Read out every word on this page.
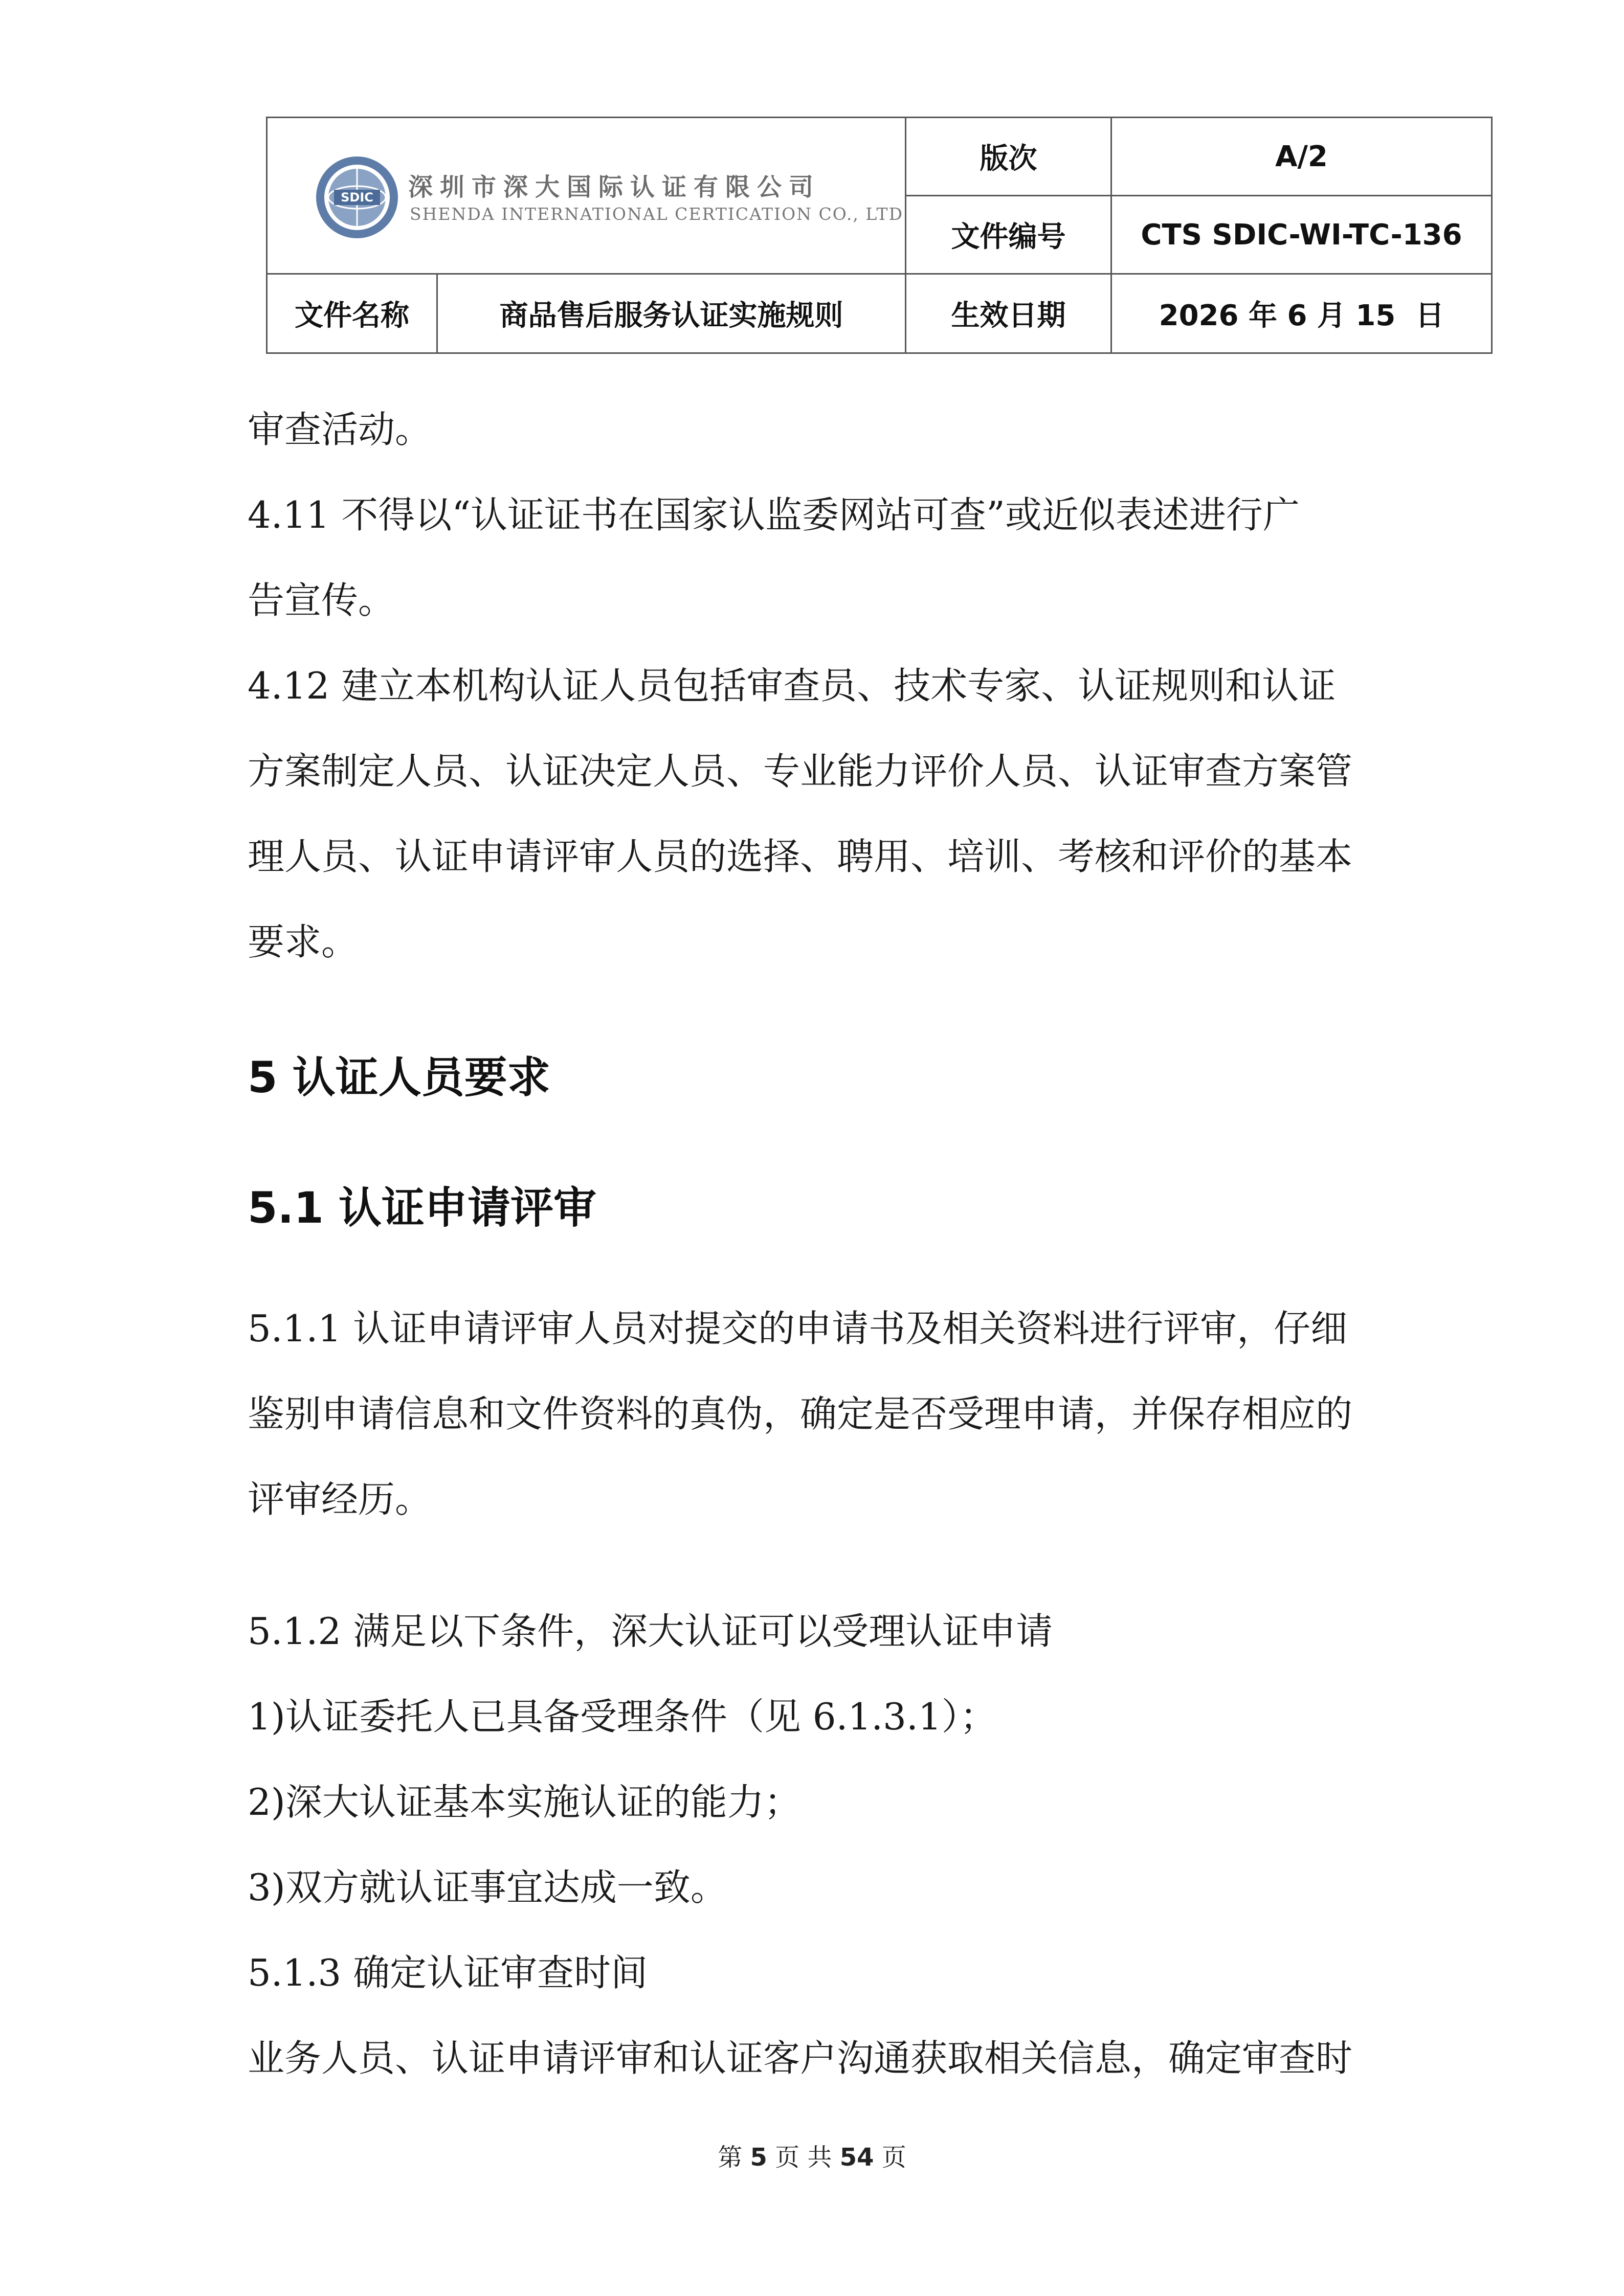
SDIC 深圳市深大国际认证有限公司
SHENDA INTERNATIONAL CERTICATION CO., LTD
版次	A/2
文件编号	CTS SDIC-WI-TC-136
文件名称	商品售后服务认证实施规则	生效日期	2026 年 6 月 15  日
审查活动。
4.11 不得以“认证证书在国家认监委网站可查”或近似表述进行广
告宣传。
4.12 建立本机构认证人员包括审查员、技术专家、认证规则和认证
方案制定人员、认证决定人员、专业能力评价人员、认证审查方案管
理人员、认证申请评审人员的选择、聘用、培训、考核和评价的基本
要求。
5 认证人员要求
5.1 认证申请评审
5.1.1 认证申请评审人员对提交的申请书及相关资料进行评审，仔细
鉴别申请信息和文件资料的真伪，确定是否受理申请，并保存相应的
评审经历。
5.1.2 满足以下条件，深大认证可以受理认证申请
1)认证委托人已具备受理条件（见 6.1.3.1）；
2)深大认证基本实施认证的能力；
3)双方就认证事宜达成一致。
5.1.3 确定认证审查时间
业务人员、认证申请评审和认证客户沟通获取相关信息，确定审查时
第 5 页 共 54 页
